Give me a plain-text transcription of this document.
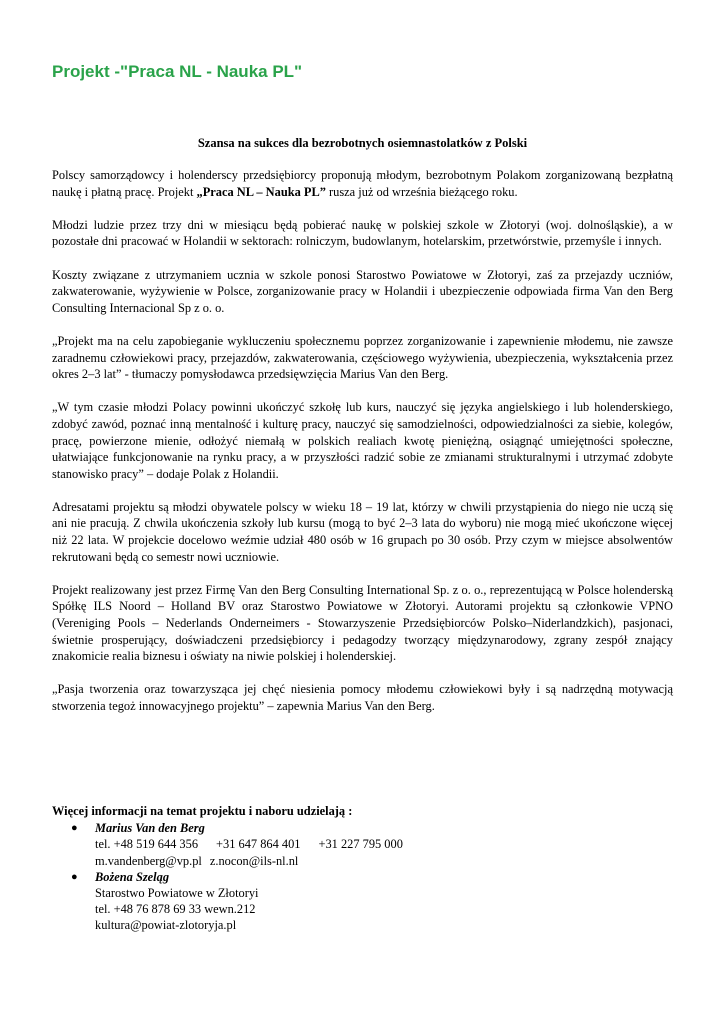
Projekt -"Praca NL - Nauka PL"
Szansa na sukces dla bezrobotnych osiemnastolatków z Polski

Polscy samorządowcy i holenderscy przedsiębiorcy proponują młodym, bezrobotnym Polakom zorganizowaną bezpłatną naukę i płatną pracę. Projekt „Praca NL – Nauka PL” rusza już od września bieżącego roku.

Młodzi ludzie przez trzy dni w miesiącu będą pobierać naukę w polskiej szkole w Złotoryi (woj. dolnośląskie), a w pozostałe dni pracować w Holandii w sektorach: rolniczym, budowlanym, hotelarskim, przetwórstwie, przemyśle i innych.

Koszty związane z utrzymaniem ucznia w szkole ponosi Starostwo Powiatowe w Złotoryi, zaś za przejazdy uczniów, zakwaterowanie, wyżywienie w Polsce, zorganizowanie pracy w Holandii i ubezpieczenie odpowiada firma Van den Berg Consulting Internacional Sp z o. o.

„Projekt ma na celu zapobieganie wykluczeniu społecznemu poprzez zorganizowanie i zapewnienie młodemu, nie zawsze zaradnemu człowiekowi pracy, przejazdów, zakwaterowania, częściowego wyżywienia, ubezpieczenia, wykształcenia przez okres 2–3 lat” - tłumaczy pomysłodawca przedsięwzięcia Marius Van den Berg.

„W tym czasie młodzi Polacy powinni ukończyć szkołę lub kurs, nauczyć się języka angielskiego i lub holenderskiego, zdobyć zawód, poznać inną mentalność i kulturę pracy, nauczyć się samodzielności, odpowiedzialności za siebie, kolegów, pracę, powierzone mienie, odłożyć niemałą w polskich realiach kwotę pieniężną, osiągnąć umiejętności społeczne, ułatwiające funkcjonowanie na rynku pracy, a w przyszłości radzić sobie ze zmianami strukturalnymi i utrzymać zdobyte stanowisko pracy” – dodaje Polak z Holandii.

Adresatami projektu są młodzi obywatele polscy w wieku 18 – 19 lat, którzy w chwili przystąpienia do niego nie uczą się ani nie pracują. Z chwila ukończenia szkoły lub kursu (mogą to być 2–3 lata do wyboru) nie mogą mieć ukończone więcej niż 22 lata. W projekcie docelowo weźmie udział 480 osób w 16 grupach po 30 osób. Przy czym w miejsce absolwentów rekrutowani będą co semestr nowi uczniowie.

Projekt realizowany jest przez Firmę Van den Berg Consulting International Sp. z o. o., reprezentującą w Polsce holenderską Spółkę ILS Noord – Holland BV oraz Starostwo Powiatowe w Złotoryi. Autorami projektu są członkowie VPNO (Vereniging Pools – Nederlands Onderneimers - Stowarzyszenie Przedsiębiorców Polsko–Niderlandzkich), pasjonaci, świetnie prosperujący, doświadczeni przedsiębiorcy i pedagodzy tworzący międzynarodowy, zgrany zespół znający znakomicie realia biznesu i oświaty na niwie polskiej i holenderskiej.

„Pasja tworzenia oraz towarzysząca jej chęć niesienia pomocy młodemu człowiekowi były i są nadrzędną motywacją stworzenia tegoż innowacyjnego projektu” – zapewnia Marius Van den Berg.

Więcej informacji na temat projektu i naboru udzielają :
● Marius Van den Berg
tel. +48 519 644 356 +31 647 864 401 +31 227 795 000
m.vandenberg@vp.pl z.nocon@ils-nl.nl
● Bożena Szeląg
Starostwo Powiatowe w Złotoryi
tel. +48 76 878 69 33 wewn.212
kultura@powiat-zlotoryja.pl
